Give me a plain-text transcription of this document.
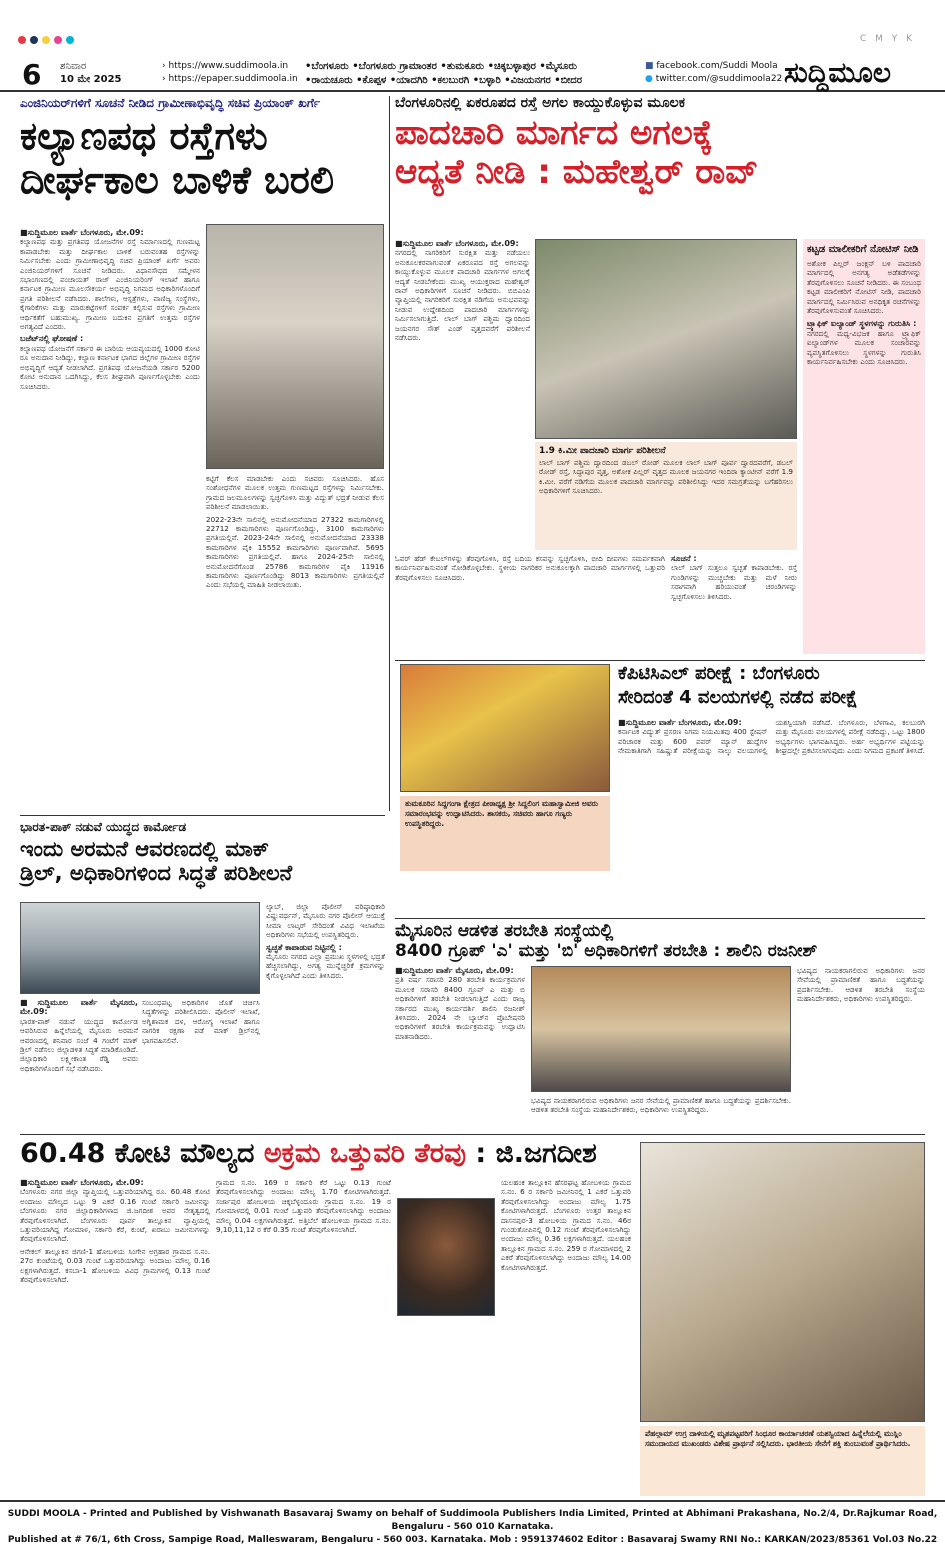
C M Y K
6 ಶನಿವಾರ
10 ಮೇ 2025
› https://www.suddimoola.in
› https://epaper.suddimoola.in
•ಬೆಂಗಳೂರು •ಬೆಂಗಳೂರು ಗ್ರಾಮಾಂತರ •ತುಮಕೂರು •ಚಿಕ್ಕಬಳ್ಳಾಪುರ •ಮೈಸೂರು
•ರಾಯಚೂರು •ಕೊಪ್ಪಳ •ಯಾದಗಿರಿ •ಕಲಬುರಗಿ •ಬಳ್ಳಾರಿ •ವಿಜಯನಗರ •ಬೀದರ
■ facebook.com/Suddi Moola
● twitter.com/@suddimoola22 ಸುದ್ದಿಮೂಲ
ಎಂಜಿನಿಯರ್‌ಗಳಿಗೆ ಸೂಚನೆ ನೀಡಿದ ಗ್ರಾಮೀಣಾಭಿವೃದ್ಧಿ ಸಚಿವ ಪ್ರಿಯಾಂಕ್ ಖರ್ಗೆ
ಕಲ್ಯಾಣಪಥ ರಸ್ತೆಗಳು
ದೀರ್ಘಕಾಲ ಬಾಳಿಕೆ ಬರಲಿ
■ಸುದ್ದಿಮೂಲ ವಾರ್ತೆ ಬೆಂಗಳೂರು, ಮೇ.09:
ಕಲ್ಯಾಣಪಥ ಮತ್ತು ಪ್ರಗತಿಪಥ ಯೋಜನೆಗಳ ರಸ್ತೆ ನಿರ್ಮಾಣದಲ್ಲಿ ಗುಣಮಟ್ಟ ಕಾಪಾಡಬೇಕು ಮತ್ತು ದೀರ್ಘಕಾಲ ಬಾಳಿಕೆ ಬರುವಂತಹ ರಸ್ತೆಗಳನ್ನು ನಿರ್ಮಿಸಬೇಕು ಎಂದು ಗ್ರಾಮೀಣಾಭಿವೃದ್ಧಿ ಸಚಿವ ಪ್ರಿಯಾಂಕ್ ಖರ್ಗೆ ಅವರು ಎಂಜಿನಿಯರ್‌ಗಳಿಗೆ ಸೂಚನೆ ನೀಡಿದರು. ವಿಧಾನಸೌಧದ ಸಮ್ಮೇಳನ ಸಭಾಂಗಣದಲ್ಲಿ ಪಂಚಾಯತ್ ರಾಜ್ ಎಂಜಿನಿಯರಿಂಗ್ ಇಲಾಖೆ ಹಾಗೂ ಕರ್ನಾಟಕ ಗ್ರಾಮೀಣ ಮೂಲಸೌಕರ್ಯ ಅಭಿವೃದ್ಧಿ ನಿಗಮದ ಅಧಿಕಾರಿಗಳೊಂದಿಗೆ ಪ್ರಗತಿ ಪರಿಶೀಲನೆ ನಡೆಸಿದರು. ಶಾಲೆಗಳು, ಆಸ್ಪತ್ರೆಗಳು, ವಾಣಿಜ್ಯ ಸಂಸ್ಥೆಗಳು, ಕೈಗಾರಿಕೆಗಳು ಮತ್ತು ಮಾರುಕಟ್ಟೆಗಳಿಗೆ ಸಂಪರ್ಕ ಕಲ್ಪಿಸುವ ರಸ್ತೆಗಳು ಗ್ರಾಮೀಣ ಆರ್ಥಿಕತೆಗೆ ಬಹುಮುಖ್ಯ. ಗ್ರಾಮೀಣ ಬದುಕಿನ ಪ್ರಗತಿಗೆ ಉತ್ತಮ ರಸ್ತೆಗಳ ಅಗತ್ಯವಿದೆ ಎಂದರು.
ಬಜೆಟ್‌ನಲ್ಲಿ ಘೋಷಣೆ :
ಕಲ್ಯಾಣಪಥ ಯೋಜನೆಗೆ ಸರ್ಕಾರ ಈ ಬಾರಿಯ ಆಯವ್ಯಯದಲ್ಲಿ 1000 ಕೋಟಿ ರೂ ಅನುದಾನ ನೀಡಿದ್ದು, ಕಲ್ಯಾಣ ಕರ್ನಾಟಕ ಭಾಗದ ಜಿಲ್ಲೆಗಳ ಗ್ರಾಮೀಣ ರಸ್ತೆಗಳ ಅಭಿವೃದ್ಧಿಗೆ ಆದ್ಯತೆ ನೀಡಲಾಗಿದೆ. ಪ್ರಗತಿಪಥ ಯೋಜನೆಯಡಿ ಸರ್ಕಾರ 5200 ಕೋಟಿ ಅನುದಾನ ಒದಗಿಸಿದ್ದು, ಕೆಲಸ ಶೀಘ್ರವಾಗಿ ಪೂರ್ಣಗೊಳ್ಳಬೇಕು ಎಂದು ಸೂಚಿಸಿದರು.
ಕಟ್ಟಿಗೆ ಕೆಲಸ ಮಾಡಬೇಕು ಎಂದು ಸಚಿವರು ಸೂಚಿಸಿದರು. ಹೊಸ ಸಂಶೋಧನೆಗಳ ಮೂಲಕ ಉತ್ತಮ ಗುಣಮಟ್ಟದ ರಸ್ತೆಗಳನ್ನು ನಿರ್ಮಿಸಬೇಕು. ಗ್ರಾಮದ ಜಲಮೂಲಗಳನ್ನು ಸ್ವಚ್ಛಗೊಳಿಸಿ ಮತ್ತು ವಿದ್ಯುತ್ ಭದ್ರತೆ ನೀಡುವ ಕೆಲಸ ಪರಿಶೀಲನೆ ಮಾಡಲಾಯಿತು.
2022-23ನೇ ಸಾಲಿನಲ್ಲಿ ಅನುಮೋದನೆಯಾದ 27322 ಕಾಮಗಾರಿಗಳಲ್ಲಿ 22712 ಕಾಮಗಾರಿಗಳು ಪೂರ್ಣಗೊಂಡಿದ್ದು, 3100 ಕಾಮಗಾರಿಗಳು ಪ್ರಗತಿಯಲ್ಲಿವೆ. 2023-24ನೇ ಸಾಲಿನಲ್ಲಿ ಅನುಮೋದನೆಯಾದ 23338 ಕಾಮಗಾರಿಗಳ ಪೈಕಿ 15552 ಕಾಮಗಾರಿಗಳು ಪೂರ್ಣವಾಗಿವೆ. 5695 ಕಾಮಗಾರಿಗಳು ಪ್ರಗತಿಯಲ್ಲಿವೆ. ಹಾಗೂ 2024-25ನೇ ಸಾಲಿನಲ್ಲಿ ಅನುಮೋದನೆಗೊಂಡ 25786 ಕಾಮಗಾರಿಗಳ ಪೈಕಿ 11916 ಕಾಮಗಾರಿಗಳು ಪೂರ್ಣಗೊಂಡಿದ್ದು 8013 ಕಾಮಗಾರಿಗಳು ಪ್ರಗತಿಯಲ್ಲಿವೆ ಎಂದು ಸಭೆಯಲ್ಲಿ ಮಾಹಿತಿ ನೀಡಲಾಯಿತು.
ಬೆಂಗಳೂರಿನಲ್ಲಿ ಏಕರೂಪದ ರಸ್ತೆ ಅಗಲ ಕಾಯ್ದುಕೊಳ್ಳುವ ಮೂಲಕ
ಪಾದಚಾರಿ ಮಾರ್ಗದ ಅಗಲಕ್ಕೆ
ಆದ್ಯತೆ ನೀಡಿ : ಮಹೇಶ್ವರ್ ರಾವ್
■ಸುದ್ದಿಮೂಲ ವಾರ್ತೆ ಬೆಂಗಳೂರು, ಮೇ.09:
ನಗರದಲ್ಲಿ ನಾಗರಿಕರಿಗೆ ಸುರಕ್ಷಿತ ಮತ್ತು ನಡೆಯಲು ಅನುಕೂಲಕರವಾಗುವಂತೆ ಏಕರೂಪದ ರಸ್ತೆ ಅಗಲವನ್ನು ಕಾಯ್ದುಕೊಳ್ಳುವ ಮೂಲಕ ಪಾದಚಾರಿ ಮಾರ್ಗಗಳ ಅಗಲಕ್ಕೆ ಆದ್ಯತೆ ನೀಡಬೇಕೆಂದು ಮುಖ್ಯ ಆಯುಕ್ತರಾದ ಮಹೇಶ್ವರ್ ರಾವ್ ಅಧಿಕಾರಿಗಳಿಗೆ ಸೂಚನೆ ನೀಡಿದರು. ಬಿಬಿಎಂಪಿ ವ್ಯಾಪ್ತಿಯಲ್ಲಿ ನಾಗರಿಕರಿಗೆ ಸುರಕ್ಷಿತ ನಡಿಗೆಯ ಅನುಭವವನ್ನು ನೀಡುವ ಉದ್ದೇಶದಿಂದ ಪಾದಚಾರಿ ಮಾರ್ಗಗಳನ್ನು ನಿರ್ಮಿಸಲಾಗುತ್ತಿದೆ. ಲಾಲ್ ಬಾಗ್ ಪಶ್ಚಿಮ ದ್ವಾರದಿಂದ ಜಯನಗರ ಸೌತ್ ಎಂಡ್ ವೃತ್ತದವರೆಗೆ ಪರಿಶೀಲನೆ ನಡೆಸಿದರು.
1.9 ಕಿ.ಮೀ ಪಾದಚಾರಿ ಮಾರ್ಗ ಪರಿಶೀಲನೆ
ಲಾಲ್ ಬಾಗ್ ಪಶ್ಚಿಮ ದ್ವಾರದಿಂದ ಡಬಲ್ ರೋಡ್ ಮೂಲಕ ಲಾಲ್ ಬಾಗ್ ಪೂರ್ವ ದ್ವಾರದವರೆಗೆ, ಡಬಲ್ ರೋಡ್ ರಸ್ತೆ, ಸಿದ್ದಾಪುರ ವೃತ್ತ, ಅಶೋಕ ಪಿಲ್ಲರ್ ವೃತ್ತದ ಮೂಲಕ ಜಯನಗರ ಇಂದಿರಾ ಕ್ಯಾಂಟೀನ್ ವರೆಗೆ 1.9 ಕಿ.ಮೀ. ವರೆಗೆ ನಡಿಗೆಯ ಮೂಲಕ ಪಾದಚಾರಿ ಮಾರ್ಗವನ್ನು ಪರಿಶೀಲಿಸಿದ್ದು ಇದರ ಸಮಗ್ರತೆಯನ್ನು ಬಗೆಹರಿಸಲು ಅಧಿಕಾರಿಗಳಿಗೆ ಸೂಚಿಸಿದರು.
ಓವರ್ ಹೆಡ್ ಕೇಬಲ್‌ಗಳನ್ನು ತೆರವುಗೊಳಿಸಿ, ರಸ್ತೆ ಬದಿಯ ಕಸವನ್ನು ಸ್ವಚ್ಛಗೊಳಿಸಿ, ಬೀದಿ ದೀಪಗಳು ಸಮರ್ಪಕವಾಗಿ ಕಾರ್ಯನಿರ್ವಹಿಸುವಂತೆ ನೋಡಿಕೊಳ್ಳಬೇಕು. ಸ್ಥಳೀಯ ನಾಗರಿಕರ ಅನುಕೂಲಕ್ಕಾಗಿ ಪಾದಚಾರಿ ಮಾರ್ಗಗಳಲ್ಲಿ ಒತ್ತುವರಿ ತೆರವುಗೊಳಿಸಲು ಸೂಚಿಸಿದರು.
ಸೂಚನೆ :
ಲಾಲ್ ಬಾಗ್ ಸುತ್ತಲೂ ಸ್ವಚ್ಛತೆ ಕಾಪಾಡಬೇಕು. ರಸ್ತೆ ಗುಂಡಿಗಳನ್ನು ಮುಚ್ಚಬೇಕು ಮತ್ತು ಮಳೆ ನೀರು ಸರಾಗವಾಗಿ ಹರಿಯುವಂತೆ ಚರಂಡಿಗಳನ್ನು ಸ್ವಚ್ಛಗೊಳಿಸಲು ತಿಳಿಸಿದರು.
ಕಟ್ಟಡ ಮಾಲೀಕರಿಗೆ ನೋಟಿಸ್ ನೀಡಿ
ಅಶೋಕ ಪಿಲ್ಲರ್ ಜಂಕ್ಷನ್ ಬಳಿ ಪಾದಚಾರಿ ಮಾರ್ಗದಲ್ಲಿ ಅನಗತ್ಯ ಅಡೆತಡೆಗಳನ್ನು ತೆರವುಗೊಳಿಸಲು ಸೂಚನೆ ನೀಡಿದರು. ಈ ಸಂಬಂಧ ಕಟ್ಟಡ ಮಾಲೀಕರಿಗೆ ನೋಟಿಸ್ ನೀಡಿ, ಪಾದಚಾರಿ ಮಾರ್ಗದಲ್ಲಿ ನಿರ್ಮಿಸಿರುವ ಅನಧಿಕೃತ ರಚನೆಗಳನ್ನು ತೆರವುಗೊಳಿಸುವಂತೆ ಸೂಚಿಸಿದರು.
ಟ್ರ್ಯಾಫಿಕ್ ಐಲ್ಯಾಂಡ್ ಸ್ಥಳಗಳನ್ನು ಗುರುತಿಸಿ :
ನಗರದಲ್ಲಿ ಮಧ್ಯ-ವಿಭಜಕ ಹಾಗೂ ಟ್ರ್ಯಾಫಿಕ್ ಐಲ್ಯಾಂಡ್‌ಗಳ ಮೂಲಕ ಸಂಚಾರವನ್ನು ವ್ಯವಸ್ಥಿತಗೊಳಿಸಲು ಸ್ಥಳಗಳನ್ನು ಗುರುತಿಸಿ ಕಾರ್ಯನಿರ್ವಹಿಸಬೇಕು ಎಂದು ಸೂಚಿಸಿದರು.
ತುಮಕೂರಿನ ಸಿದ್ದಗಂಗಾ ಕ್ಷೇತ್ರದ ಪೀಠಾಧ್ಯಕ್ಷ ಶ್ರೀ ಸಿದ್ದಲಿಂಗ ಮಹಾಸ್ವಾಮೀಜಿ ಅವರು ಸಮಾರಂಭವನ್ನು ಉದ್ಘಾಟಿಸಿದರು. ಶಾಸಕರು, ಸಚಿವರು ಹಾಗೂ ಗಣ್ಯರು ಉಪಸ್ಥಿತರಿದ್ದರು.
ಕೆಪಿಟಿಸಿಎಲ್ ಪರೀಕ್ಷೆ : ಬೆಂಗಳೂರು
ಸೇರಿದಂತೆ 4 ವಲಯಗಳಲ್ಲಿ ನಡೆದ ಪರೀಕ್ಷೆ
■ಸುದ್ದಿಮೂಲ ವಾರ್ತೆ ಬೆಂಗಳೂರು, ಮೇ.09:
ಕರ್ನಾಟಕ ವಿದ್ಯುತ್ ಪ್ರಸರಣ ನಿಗಮ ನಿಯಮಿತವು 400 ಸ್ಟೇಷನ್ ಪರಿಚಾರಕ ಮತ್ತು 600 ಪವರ್ ಮ್ಯಾನ್ ಹುದ್ದೆಗಳ ನೇಮಕಾತಿಗಾಗಿ ಸಹಿಷ್ಣುತೆ ಪರೀಕ್ಷೆಯನ್ನು ನಾಲ್ಕು ವಲಯಗಳಲ್ಲಿ ಯಶಸ್ವಿಯಾಗಿ ನಡೆಸಿದೆ. ಬೆಂಗಳೂರು, ಬೆಳಗಾವಿ, ಕಲಬುರಗಿ ಮತ್ತು ಮೈಸೂರು ವಲಯಗಳಲ್ಲಿ ಪರೀಕ್ಷೆ ನಡೆದಿದ್ದು, ಒಟ್ಟು 1800 ಅಭ್ಯರ್ಥಿಗಳು ಭಾಗವಹಿಸಿದ್ದರು. ಅರ್ಹ ಅಭ್ಯರ್ಥಿಗಳ ಪಟ್ಟಿಯನ್ನು ಶೀಘ್ರದಲ್ಲೇ ಪ್ರಕಟಿಸಲಾಗುವುದು ಎಂದು ನಿಗಮದ ಪ್ರಕಟಣೆ ತಿಳಿಸಿದೆ.
ಭಾರತ-ಪಾಕ್ ನಡುವೆ ಯುದ್ಧದ ಕಾರ್ಮೋಡ
ಇಂದು ಅರಮನೆ ಆವರಣದಲ್ಲಿ ಮಾಕ್
ಡ್ರಿಲ್, ಅಧಿಕಾರಿಗಳಿಂದ ಸಿದ್ಧತೆ ಪರಿಶೀಲನೆ
ಲ್ಯಾಬ್, ಜಿಲ್ಲಾ ಪೊಲೀಸ್ ವರಿಷ್ಠಾಧಿಕಾರಿ ವಿಷ್ಣುವರ್ಧನ್, ಮೈಸೂರು ನಗರ ಪೊಲೀಸ್ ಆಯುಕ್ತೆ ಸೀಮಾ ಲಾಟ್ಕರ್ ಸೇರಿದಂತೆ ವಿವಿಧ ಇಲಾಖೆಯ ಅಧಿಕಾರಿಗಳು ಸಭೆಯಲ್ಲಿ ಉಪಸ್ಥಿತರಿದ್ದರು.
ಸ್ವಚ್ಛತೆ ಕಾಪಾಡುವ ನಿಟ್ಟಿನಲ್ಲಿ :
ಮೈಸೂರು ನಗರದ ಎಲ್ಲಾ ಪ್ರಮುಖ ಸ್ಥಳಗಳಲ್ಲಿ ಭದ್ರತೆ ಹೆಚ್ಚಿಸಲಾಗಿದ್ದು, ಅಗತ್ಯ ಮುನ್ನೆಚ್ಚರಿಕೆ ಕ್ರಮಗಳನ್ನು ಕೈಗೊಳ್ಳಲಾಗಿದೆ ಎಂದು ತಿಳಿಸಿದರು.
■ಸುದ್ದಿಮೂಲ ವಾರ್ತೆ ಮೈಸೂರು, ಮೇ.09:
ಭಾರತ-ಪಾಕ್ ನಡುವೆ ಯುದ್ಧದ ಕಾರ್ಮೋಡ ಆವರಿಸಿರುವ ಹಿನ್ನೆಲೆಯಲ್ಲಿ ಮೈಸೂರು ಅರಮನೆ ಆವರಣದಲ್ಲಿ ಶನಿವಾರ ಸಂಜೆ 4 ಗಂಟೆಗೆ ಮಾಕ್ ಡ್ರಿಲ್ ನಡೆಸಲು ಜಿಲ್ಲಾಡಳಿತ ಸಿದ್ಧತೆ ಮಾಡಿಕೊಂಡಿದೆ. ಜಿಲ್ಲಾಧಿಕಾರಿ ಲಕ್ಷ್ಮೀಕಾಂತ ರೆಡ್ಡಿ ಅವರು ಅಧಿಕಾರಿಗಳೊಂದಿಗೆ ಸಭೆ ನಡೆಸಿದರು.
ಸಂಬಂಧಪಟ್ಟ ಅಧಿಕಾರಿಗಳ ಜೊತೆ ಚರ್ಚಿಸಿ ಸಿದ್ಧತೆಗಳನ್ನು ಪರಿಶೀಲಿಸಿದರು. ಪೊಲೀಸ್ ಇಲಾಖೆ, ಅಗ್ನಿಶಾಮಕ ದಳ, ಆರೋಗ್ಯ ಇಲಾಖೆ ಹಾಗೂ ನಾಗರಿಕ ರಕ್ಷಣಾ ಪಡೆ ಮಾಕ್ ಡ್ರಿಲ್‌ನಲ್ಲಿ ಭಾಗವಹಿಸಲಿವೆ.
ಮೈಸೂರಿನ ಆಡಳಿತ ತರಬೇತಿ ಸಂಸ್ಥೆಯಲ್ಲಿ
8400 ಗ್ರೂಪ್ 'ಎ' ಮತ್ತು 'ಬಿ' ಅಧಿಕಾರಿಗಳಿಗೆ ತರಬೇತಿ : ಶಾಲಿನಿ ರಜನೀಶ್
■ಸುದ್ದಿಮೂಲ ವಾರ್ತೆ ಮೈಸೂರು, ಮೇ.09:
ಪ್ರತಿ ವರ್ಷ ಸರಾಸರಿ 280 ತರಬೇತಿ ಕಾರ್ಯಕ್ರಮಗಳ ಮೂಲಕ ಸರಾಸರಿ 8400 ಗ್ರೂಪ್ ಎ ಮತ್ತು ಬಿ ಅಧಿಕಾರಿಗಳಿಗೆ ತರಬೇತಿ ನೀಡಲಾಗುತ್ತಿದೆ ಎಂದು ರಾಜ್ಯ ಸರ್ಕಾರದ ಮುಖ್ಯ ಕಾರ್ಯದರ್ಶಿ ಶಾಲಿನಿ ರಜನೀಶ್ ತಿಳಿಸಿದರು. 2024 ನೇ ಬ್ಯಾಚ್‌ನ ಪ್ರೊಬೇಷನರಿ ಅಧಿಕಾರಿಗಳಿಗೆ ತರಬೇತಿ ಕಾರ್ಯಕ್ರಮವನ್ನು ಉದ್ಘಾಟಿಸಿ ಮಾತನಾಡಿದರು.
ಭವಿಷ್ಯದ ನಾಯಕರಾಗಲಿರುವ ಅಧಿಕಾರಿಗಳು ಜನರ ಸೇವೆಯಲ್ಲಿ ಪ್ರಾಮಾಣಿಕತೆ ಹಾಗೂ ಬದ್ಧತೆಯನ್ನು ಪ್ರದರ್ಶಿಸಬೇಕು. ಆಡಳಿತ ತರಬೇತಿ ಸಂಸ್ಥೆಯ ಮಹಾನಿರ್ದೇಶಕರು, ಅಧಿಕಾರಿಗಳು ಉಪಸ್ಥಿತರಿದ್ದರು.
ಭವಿಷ್ಯದ ನಾಯಕರಾಗಲಿರುವ ಅಧಿಕಾರಿಗಳು ಜನರ ಸೇವೆಯಲ್ಲಿ ಪ್ರಾಮಾಣಿಕತೆ ಹಾಗೂ ಬದ್ಧತೆಯನ್ನು ಪ್ರದರ್ಶಿಸಬೇಕು. ಆಡಳಿತ ತರಬೇತಿ ಸಂಸ್ಥೆಯ ಮಹಾನಿರ್ದೇಶಕರು, ಅಧಿಕಾರಿಗಳು ಉಪಸ್ಥಿತರಿದ್ದರು.
60.48 ಕೋಟಿ ಮೌಲ್ಯದ ಅಕ್ರಮ ಒತ್ತುವರಿ ತೆರವು : ಜಿ.ಜಗದೀಶ
■ಸುದ್ದಿಮೂಲ ವಾರ್ತೆ ಬೆಂಗಳೂರು, ಮೇ.09:
ಬೆಂಗಳೂರು ನಗರ ಜಿಲ್ಲಾ ವ್ಯಾಪ್ತಿಯಲ್ಲಿ ಒತ್ತುವರಿಯಾಗಿದ್ದ ರೂ. 60.48 ಕೋಟಿ ಅಂದಾಜು ಮೌಲ್ಯದ ಒಟ್ಟು 9 ಎಕರೆ 0.16 ಗುಂಟೆ ಸರ್ಕಾರಿ ಜಮೀನನ್ನು ಬೆಂಗಳೂರು ನಗರ ಜಿಲ್ಲಾಧಿಕಾರಿಗಳಾದ ಜಿ.ಜಗದೀಶ ಅವರ ನೇತೃತ್ವದಲ್ಲಿ ತೆರವುಗೊಳಿಸಲಾಗಿದೆ. ಬೆಂಗಳೂರು ಪೂರ್ವ ತಾಲ್ಲೂಕಿನ ವ್ಯಾಪ್ತಿಯಲ್ಲಿ ಒತ್ತುವರಿಯಾಗಿದ್ದ ಗೋಮಾಳ, ಸರ್ಕಾರಿ ಕೆರೆ, ಕುಂಟೆ, ಖರಾಬು ಜಮೀನುಗಳನ್ನು ತೆರವುಗೊಳಿಸಲಾಗಿದೆ.
ಆನೇಕಲ್ ತಾಲ್ಲೂಕಿನ ಜಿಗಣಿ-1 ಹೋಬಳಿಯ ಸಿಂಗೇನ ಅಗ್ರಹಾರ ಗ್ರಾಮದ ಸ.ನಂ. 27ರ ಕುಂಟೆಯಲ್ಲಿ 0.03 ಗುಂಟೆ ಒತ್ತುವರಿಯಾಗಿದ್ದು ಅಂದಾಜು ಮೌಲ್ಯ 0.16 ಲಕ್ಷಗಳಾಗಿರುತ್ತದೆ. ಕಸಬಾ-1 ಹೋಬಳಿಯ ವಿವಿಧ ಗ್ರಾಮಗಳಲ್ಲಿ 0.13 ಗುಂಟೆ ತೆರವುಗೊಳಿಸಲಾಗಿದೆ.
ಗ್ರಾಮದ ಸ.ನಂ. 169 ರ ಸರ್ಕಾರಿ ಕೆರೆ ಒಟ್ಟು 0.13 ಗುಂಟೆ ತೆರವುಗೊಳಿಸಲಾಗಿದ್ದು ಅಂದಾಜು ಮೌಲ್ಯ 1.70 ಕೋಟಿಗಳಾಗಿರುತ್ತದೆ. ಸರ್ಜಾಪುರ ಹೋಬಳಿಯ ಚಿಕ್ಕಬೆಳ್ಳಂದೂರು ಗ್ರಾಮದ ಸ.ನಂ. 19 ರ ಗೋಮಾಳದಲ್ಲಿ 0.01 ಗುಂಟೆ ಒತ್ತುವರಿ ತೆರವುಗೊಳಿಸಲಾಗಿದ್ದು ಅಂದಾಜು ಮೌಲ್ಯ 0.04 ಲಕ್ಷಗಳಾಗಿರುತ್ತದೆ. ಅತ್ತಿಬೆಲೆ ಹೋಬಳಿಯ ಗ್ರಾಮದ ಸ.ನಂ. 9,10,11,12 ರ ಕೆರೆ 0.35 ಗುಂಟೆ ತೆರವುಗೊಳಿಸಲಾಗಿದೆ.
ಯಲಹಂಕ ತಾಲ್ಲೂಕಿನ ಹೆಸರಘಟ್ಟ ಹೋಬಳಿಯ ಗ್ರಾಮದ ಸ.ನಂ. 6 ರ ಸರ್ಕಾರಿ ಜಮೀನಿನಲ್ಲಿ 1 ಎಕರೆ ಒತ್ತುವರಿ ತೆರವುಗೊಳಿಸಲಾಗಿದ್ದು ಅಂದಾಜು ಮೌಲ್ಯ 1.75 ಕೋಟಿಗಳಾಗಿರುತ್ತದೆ. ಬೆಂಗಳೂರು ಉತ್ತರ ತಾಲ್ಲೂಕಿನ ದಾಸನಪುರ-3 ಹೋಬಳಿಯ ಗ್ರಾಮದ ಸ.ನಂ. 46ರ ಗುಂಡುತೋಪಿನಲ್ಲಿ 0.12 ಗುಂಟೆ ತೆರವುಗೊಳಿಸಲಾಗಿದ್ದು ಅಂದಾಜು ಮೌಲ್ಯ 0.36 ಲಕ್ಷಗಳಾಗಿರುತ್ತದೆ. ಯಲಹಂಕ ತಾಲ್ಲೂಕಿನ ಗ್ರಾಮದ ಸ.ನಂ. 259 ರ ಗೋಮಾಳದಲ್ಲಿ 2 ಎಕರೆ ತೆರವುಗೊಳಿಸಲಾಗಿದ್ದು ಅಂದಾಜು ಮೌಲ್ಯ 14.00 ಕೋಟಿಗಳಾಗಿರುತ್ತದೆ.
ಪೆಹಲ್ಗಾಮ್ ಉಗ್ರ ದಾಳಿಯಲ್ಲಿ ಮೃತಪಟ್ಟವರಿಗೆ ಸಿಂಧೂರ ಕಾರ್ಯಾಚರಣೆ ಯಶಸ್ವಿಯಾದ ಹಿನ್ನೆಲೆಯಲ್ಲಿ ಮುಸ್ಲಿಂ ಸಮುದಾಯದ ಮುಖಂಡರು ವಿಶೇಷ ಪ್ರಾರ್ಥನೆ ಸಲ್ಲಿಸಿದರು. ಭಾರತೀಯ ಸೇನೆಗೆ ಶಕ್ತಿ ತುಂಬುವಂತೆ ಪ್ರಾರ್ಥಿಸಿದರು.
SUDDI MOOLA - Printed and Published by Vishwanath Basavaraj Swamy on behalf of Suddimoola Publishers India Limited, Printed at Abhimani Prakashana, No.2/4, Dr.Rajkumar Road, Bengaluru - 560 010 Karnataka.
Published at # 76/1, 6th Cross, Sampige Road, Malleswaram, Bengaluru - 560 003. Karnataka. Mob : 9591374602 Editor : Basavaraj Swamy RNI No.: KARKAN/2023/85361 Vol.03 No.22
